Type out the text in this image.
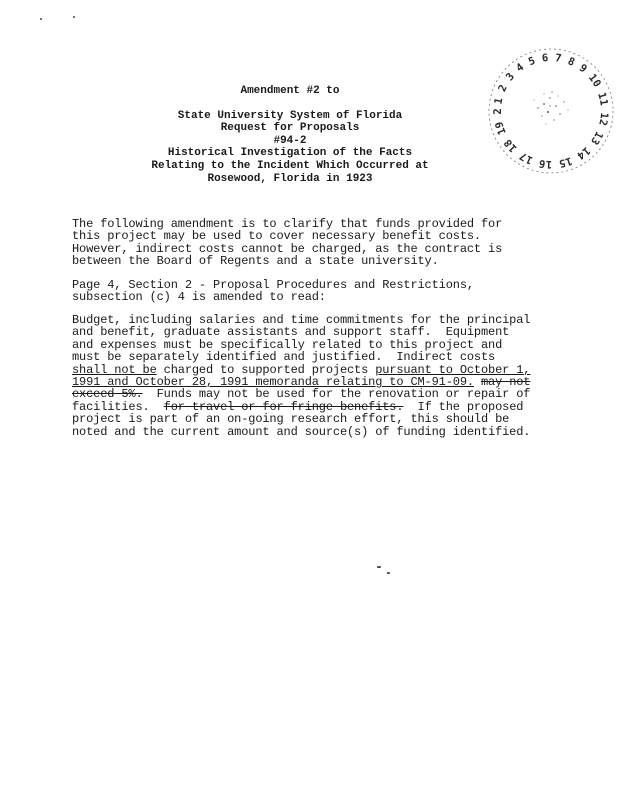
Amendment #2 to
State University System of Florida
Request for Proposals
#94-2
Historical Investigation of the Facts
Relating to the Incident Which Occurred at
Rosewood, Florida in 1923
1 2 3 4 5 6 7 8 9 10 11 12 13 14 15 16 17 18 19 2
The following amendment is to clarify that funds provided for
this project may be used to cover necessary benefit costs.
However, indirect costs cannot be charged, as the contract is
between the Board of Regents and a state university.
Page 4, Section 2 - Proposal Procedures and Restrictions,
subsection (c) 4 is amended to read:
Budget, including salaries and time commitments for the principal
and benefit, graduate assistants and support staff.  Equipment
and expenses must be specifically related to this project and
must be separately identified and justified.  Indirect costs
shall not be charged to supported projects pursuant to October 1,
1991 and October 28, 1991 memoranda relating to CM-91-09. may not
exceed 5%.  Funds may not be used for the renovation or repair of
facilities.  for travel or for fringe benefits.  If the proposed
project is part of an on-going research effort, this should be
noted and the current amount and source(s) of funding identified.
